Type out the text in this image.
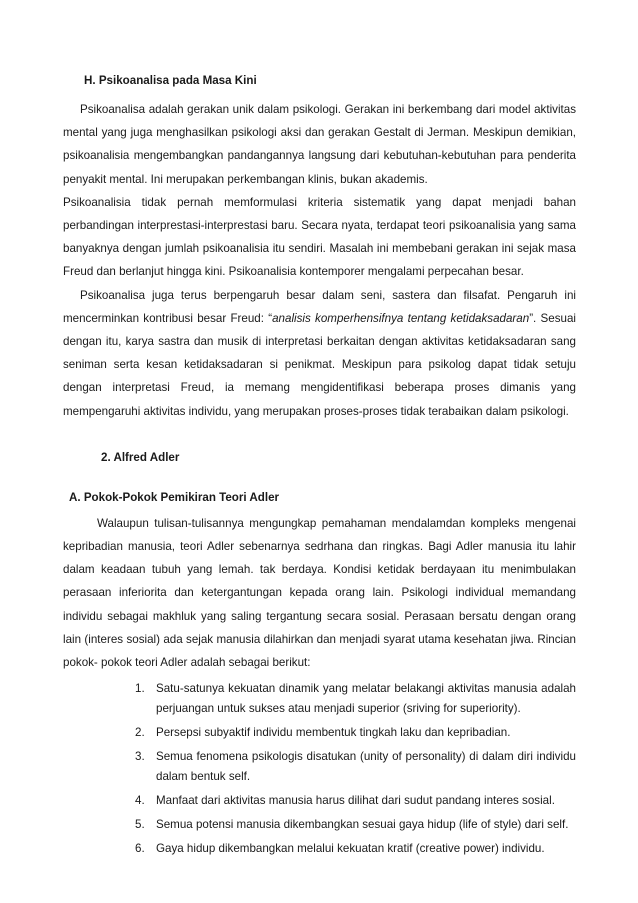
H. Psikoanalisa pada Masa Kini

Psikoanalisa adalah gerakan unik dalam psikologi. Gerakan ini berkembang dari model aktivitas mental yang juga menghasilkan psikologi aksi dan gerakan Gestalt di Jerman. Meskipun demikian, psikoanalisia mengembangkan pandangannya langsung dari kebutuhan-kebutuhan para penderita penyakit mental. Ini merupakan perkembangan klinis, bukan akademis.

Psikoanalisia tidak pernah memformulasi kriteria sistematik yang dapat menjadi bahan perbandingan interprestasi-interprestasi baru. Secara nyata, terdapat teori psikoanalisia yang sama banyaknya dengan jumlah psikoanalisia itu sendiri. Masalah ini membebani gerakan ini sejak masa Freud dan berlanjut hingga kini. Psikoanalisia kontemporer mengalami perpecahan besar.

Psikoanalisa juga terus berpengaruh besar dalam seni, sastera dan filsafat. Pengaruh ini mencerminkan kontribusi besar Freud: “analisis komperhensifnya tentang ketidaksadaran”. Sesuai dengan itu, karya sastra dan musik di interpretasi berkaitan dengan aktivitas ketidaksadaran sang seniman serta kesan ketidaksadaran si penikmat. Meskipun para psikolog dapat tidak setuju dengan interpretasi Freud, ia memang mengidentifikasi beberapa proses dimanis yang mempengaruhi aktivitas individu, yang merupakan proses-proses tidak terabaikan dalam psikologi.

2. Alfred Adler
A. Pokok-Pokok Pemikiran Teori Adler

Walaupun tulisan-tulisannya mengungkap pemahaman mendalamdan kompleks mengenai kepribadian manusia, teori Adler sebenarnya sedrhana dan ringkas. Bagi Adler manusia itu lahir dalam keadaan tubuh yang lemah. tak berdaya. Kondisi ketidak berdayaan itu menimbulakan perasaan inferiorita dan ketergantungan kepada orang lain. Psikologi individual memandang individu sebagai makhluk yang saling tergantung secara sosial. Perasaan bersatu dengan orang lain (interes sosial) ada sejak manusia dilahirkan dan menjadi syarat utama kesehatan jiwa. Rincian pokok- pokok teori Adler adalah sebagai berikut:

1. Satu-satunya kekuatan dinamik yang melatar belakangi aktivitas manusia adalah perjuangan untuk sukses atau menjadi superior (sriving for superiority).
2. Persepsi subyaktif individu membentuk tingkah laku dan kepribadian.
3. Semua fenomena psikologis disatukan (unity of personality) di dalam diri individu dalam bentuk self.
4. Manfaat dari aktivitas manusia harus dilihat dari sudut pandang interes sosial.
5. Semua potensi manusia dikembangkan sesuai gaya hidup (life of style) dari self.
6. Gaya hidup dikembangkan melalui kekuatan kratif (creative power) individu.
